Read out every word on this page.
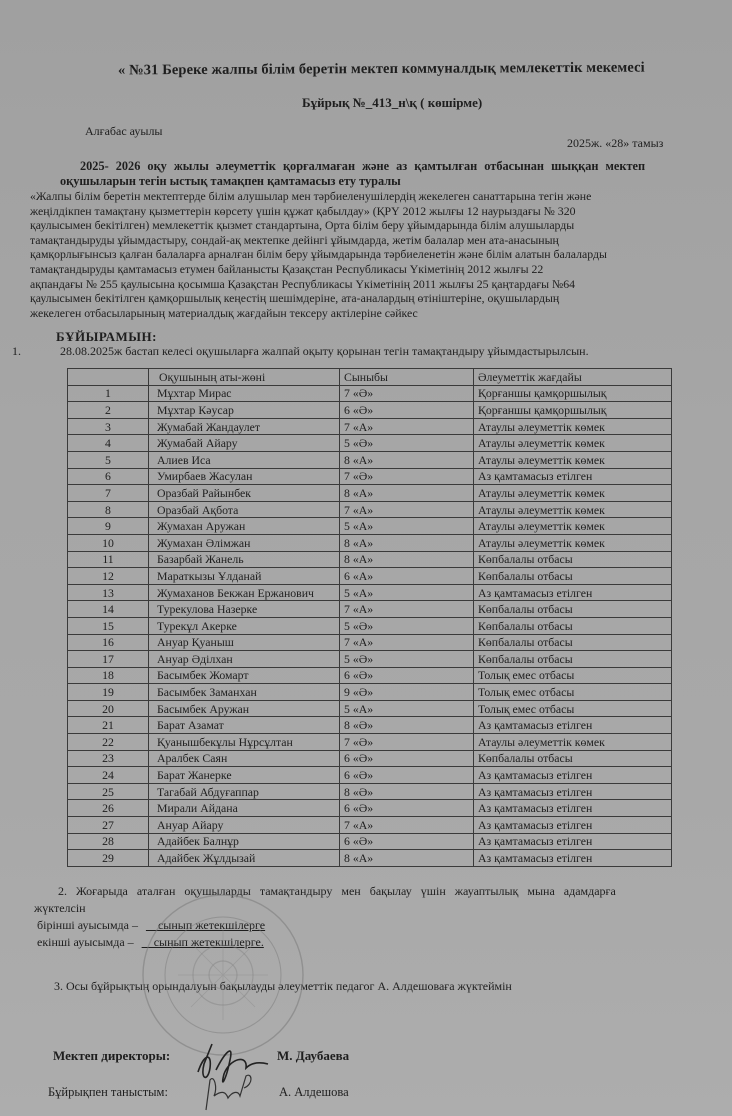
« №31 Береке жалпы білім беретін мектеп коммуналдық мемлекеттік мекемесі
Бұйрық №_413_н\қ ( көшірме)
Алғабас ауылы
2025ж. «28» тамыз
2025- 2026 оқу жылы әлеуметтік қорғалмаған және аз қамтылған отбасынан шыққан мектеп
оқушыларын тегін ыстық тамақпен қамтамасыз ету туралы
«Жалпы білім беретін мектептерде білім алушылар мен тәрбиеленушілердің жекелеген санаттарына тегін және
жеңілдікпен тамақтану қызметтерін көрсету үшін құжат қабылдау» (ҚРҮ 2012 жылғы 12 наурыздағы № 320
қаулысымен бекітілген) мемлекеттік қызмет стандартына, Орта білім беру ұйымдарында білім алушыларды
тамақтандыруды ұйымдастыру, сондай-ақ мектепке дейінгі ұйымдарда, жетім балалар мен ата-анасының
қамқорлығынсыз қалған балаларға арналған білім беру ұйымдарында тәрбиеленетін және білім алатын балаларды
тамақтандыруды қамтамасыз етумен байланысты Қазақстан Республикасы Үкіметінің 2012 жылғы 22
ақпандағы № 255 қаулысына қосымша Қазақстан Республикасы Үкіметінің 2011 жылғы 25 қаңтардағы №64
қаулысымен бекітілген қамқоршылық кеңестің шешімдеріне, ата-аналардың өтініштеріне, оқушылардың
жекелеген отбасыларының материалдық жағдайын тексеру актілеріне сәйкес
БҰЙЫРАМЫН:
1.	28.08.2025ж бастап келесі оқушыларға жалпай оқыту қорынан тегін тамақтандыру ұйымдастырылсын.
	Оқушының аты-жөні	Сыныбы	Әлеуметтік жағдайы
1	Мұхтар Мирас	7 «Ә»	Қорғаншы қамқоршылық
2	Мұхтар Кәусар	6 «Ә»	Қорғаншы қамқоршылық
3	Жумабай Жандаулет	7 «А»	Атаулы әлеуметтік көмек
4	Жумабай Айару	5 «Ә»	Атаулы әлеуметтік көмек
5	Алиев Иса	8 «А»	Атаулы әлеуметтік көмек
6	Умирбаев Жасулан	7 «Ә»	Аз қамтамасыз етілген
7	Оразбай Райынбек	8 «А»	Атаулы әлеуметтік көмек
8	Оразбай Ақбота	7 «А»	Атаулы әлеуметтік көмек
9	Жумахан Аружан	5 «А»	Атаулы әлеуметтік көмек
10	Жумахан Әлімжан	8 «А»	Атаулы әлеуметтік көмек
11	Базарбай Жанель	8 «А»	Көпбалалы отбасы
12	Мараткызы Ұлданай	6 «А»	Көпбалалы отбасы
13	Жумаханов Бекжан Ержанович	5 «А»	Аз қамтамасыз етілген
14	Турекулова Назерке	7 «А»	Көпбалалы отбасы
15	Турекұл Акерке	5 «Ә»	Көпбалалы отбасы
16	Ануар Қуаныш	7 «А»	Көпбалалы отбасы
17	Ануар Әділхан	5 «Ә»	Көпбалалы отбасы
18	Басымбек Жомарт	6 «Ә»	Толық емес отбасы
19	Басымбек Заманхан	9 «Ә»	Толық емес отбасы
20	Басымбек Аружан	5 «А»	Толық емес отбасы
21	Барат Азамат	8 «Ә»	Аз қамтамасыз етілген
22	Қуанышбекұлы Нұрсұлтан	7 «Ә»	Атаулы әлеуметтік көмек
23	Аралбек Саян	6 «Ә»	Көпбалалы отбасы
24	Барат Жанерке	6 «Ә»	Аз қамтамасыз етілген
25	Тагабай Абдуғаппар	8 «Ә»	Аз қамтамасыз етілген
26	Мирали Айдана	6 «Ә»	Аз қамтамасыз етілген
27	Ануар Айару	7 «А»	Аз қамтамасыз етілген
28	Адайбек Балнұр	6 «Ә»	Аз қамтамасыз етілген
29	Адайбек Жұлдызай	8 «А»	Аз қамтамасыз етілген
2. Жоғарыда аталған оқушыларды тамақтандыру мен бақылау үшін жауаптылық мына адамдарға
жүктелсін
бірінші ауысымда – __сынып жетекшілерге
екінші ауысымда – __сынып жетекшілерге.
3. Осы бұйрықтың орындалуын бақылауды әлеуметтік педагог А. Алдешоваға жүктеймін
Мектеп директоры:	М. Даубаева
Бұйрықпен таныстым:	А. Алдешова
